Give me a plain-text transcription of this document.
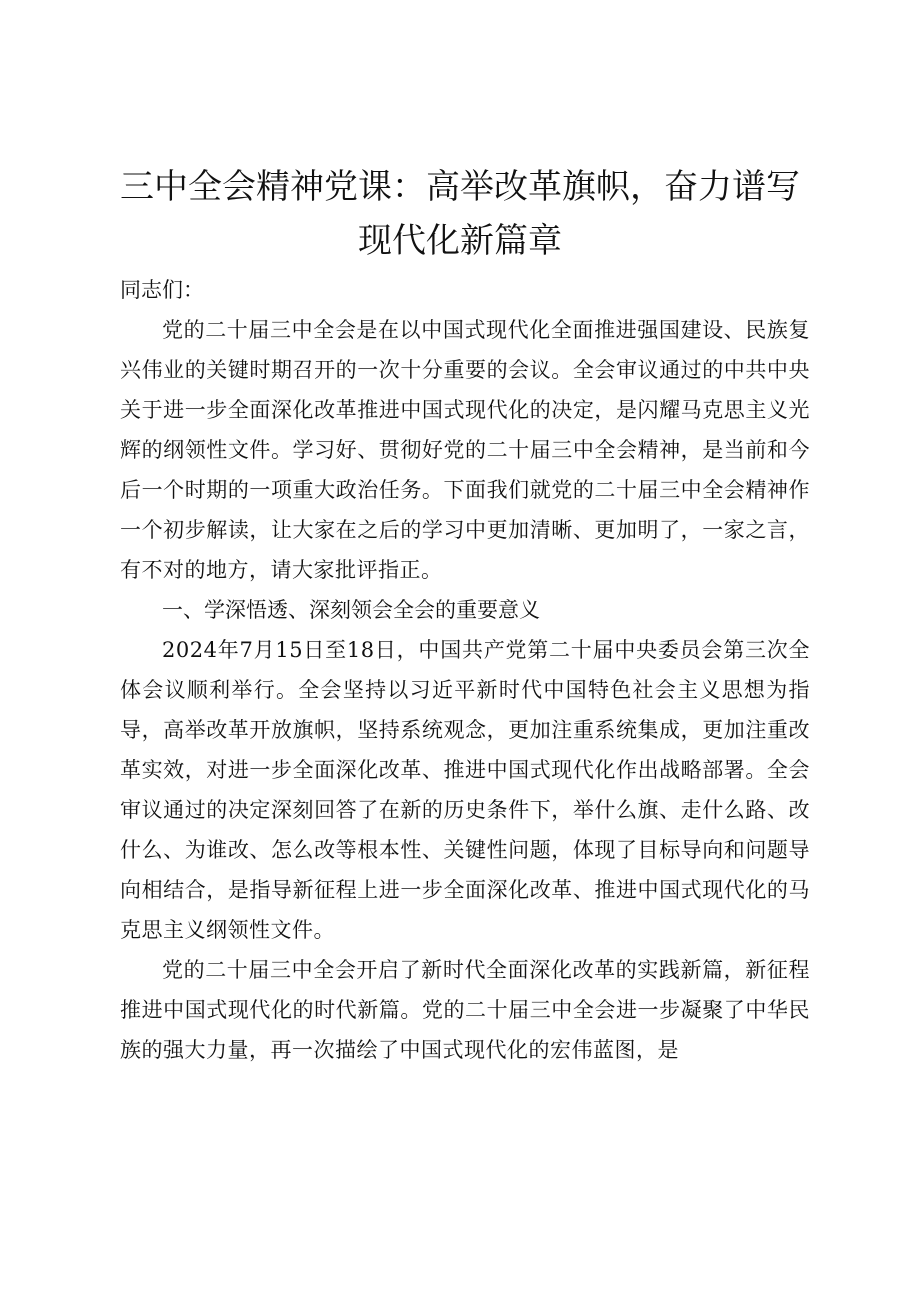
三中全会精神党课：高举改革旗帜，奋力谱写
现代化新篇章

同志们：

党的二十届三中全会是在以中国式现代化全面推进强国建设、民族复兴伟业的关键时期召开的一次十分重要的会议。全会审议通过的中共中央关于进一步全面深化改革推进中国式现代化的决定，是闪耀马克思主义光辉的纲领性文件。学习好、贯彻好党的二十届三中全会精神，是当前和今后一个时期的一项重大政治任务。下面我们就党的二十届三中全会精神作一个初步解读，让大家在之后的学习中更加清晰、更加明了，一家之言，有不对的地方，请大家批评指正。

一、学深悟透、深刻领会全会的重要意义

2024年7月15日至18日，中国共产党第二十届中央委员会第三次全体会议顺利举行。全会坚持以习近平新时代中国特色社会主义思想为指导，高举改革开放旗帜，坚持系统观念，更加注重系统集成，更加注重改革实效，对进一步全面深化改革、推进中国式现代化作出战略部署。全会审议通过的决定深刻回答了在新的历史条件下，举什么旗、走什么路、改什么、为谁改、怎么改等根本性、关键性问题，体现了目标导向和问题导向相结合，是指导新征程上进一步全面深化改革、推进中国式现代化的马克思主义纲领性文件。

党的二十届三中全会开启了新时代全面深化改革的实践新篇，新征程推进中国式现代化的时代新篇。党的二十届三中全会进一步凝聚了中华民族的强大力量，再一次描绘了中国式现代化的宏伟蓝图，是
